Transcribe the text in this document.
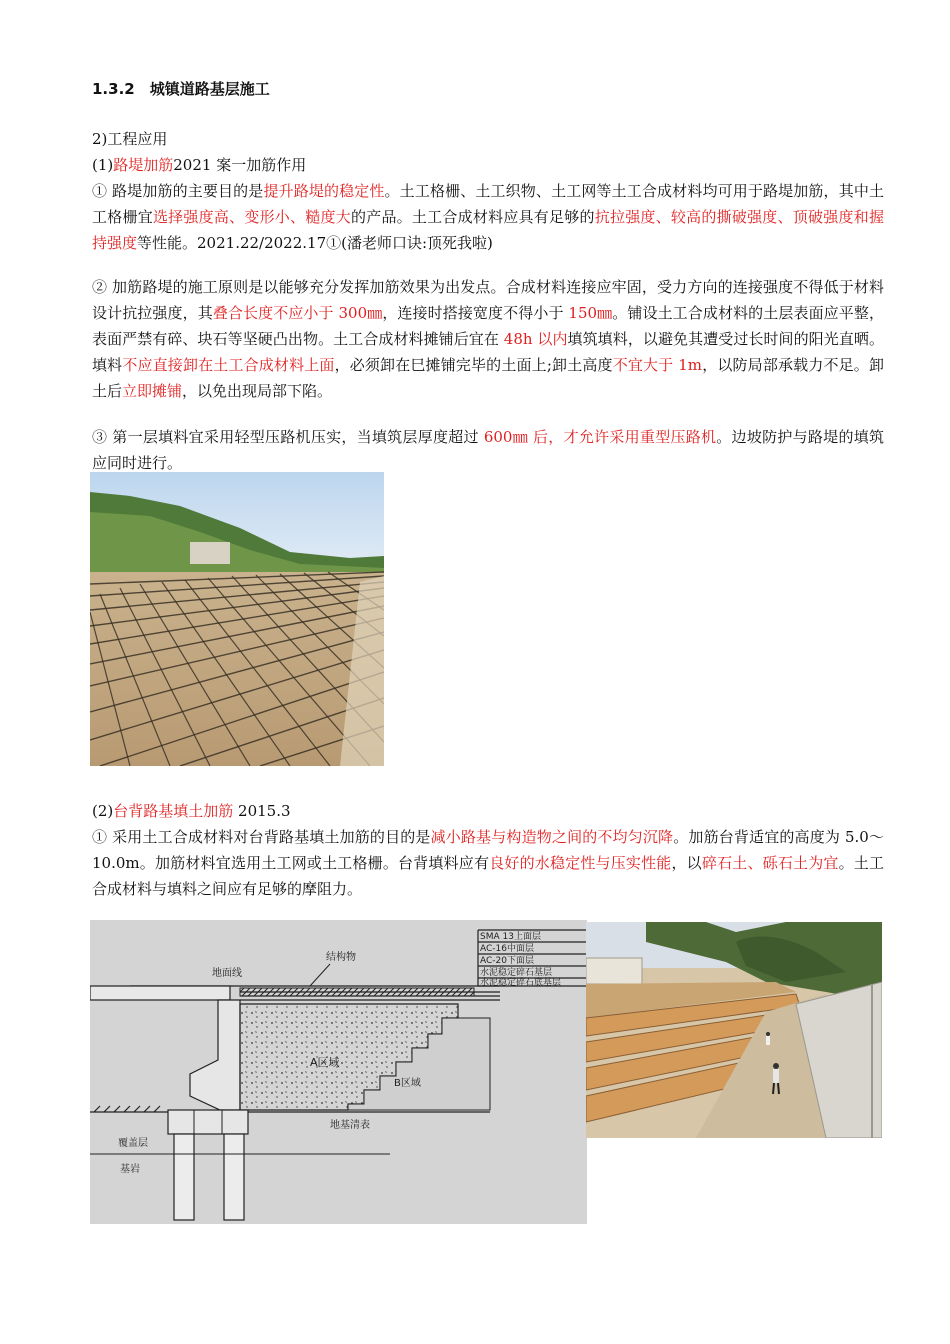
1.3.2　城镇道路基层施工
2)工程应用
(1)路堤加筋2021 案一加筋作用
① 路堤加筋的主要目的是提升路堤的稳定性。土工格栅、土工织物、土工网等土工合成材料均可用于路堤加筋，其中土工格栅宜选择强度高、变形小、糙度大的产品。土工合成材料应具有足够的抗拉强度、较高的撕破强度、顶破强度和握持强度等性能。2021.22/2022.17①(潘老师口诀:顶死我啦)
② 加筋路堤的施工原则是以能够充分发挥加筋效果为出发点。合成材料连接应牢固，受力方向的连接强度不得低于材料设计抗拉强度，其叠合长度不应小于 300㎜，连接时搭接宽度不得小于 150㎜。铺设土工合成材料的土层表面应平整，表面严禁有碎、块石等坚硬凸出物。土工合成材料摊铺后宜在 48h 以内填筑填料，以避免其遭受过长时间的阳光直晒。填料不应直接卸在土工合成材料上面，必须卸在巳摊铺完毕的土面上;卸土高度不宜大于 1m，以防局部承载力不足。卸土后立即摊铺，以免出现局部下陷。
③ 第一层填料宜采用轻型压路机压实，当填筑层厚度超过 600㎜ 后，才允许采用重型压路机。边坡防护与路堤的填筑应同时进行。
(2)台背路基填土加筋 2015.3
① 采用土工合成材料对台背路基填土加筋的目的是减小路基与构造物之间的不均匀沉降。加筋台背适宜的高度为 5.0～10.0m。加筋材料宜选用土工网或土工格栅。台背填料应有良好的水稳定性与压实性能，以碎石土、砾石土为宜。土工合成材料与填料之间应有足够的摩阻力。
SMA 13上面层
AC-16中面层
AC-20下面层
水泥稳定碎石基层
水泥稳定碎石底基层
结构物
地面线
A区域
B区域
地基清表
覆盖层
基岩
